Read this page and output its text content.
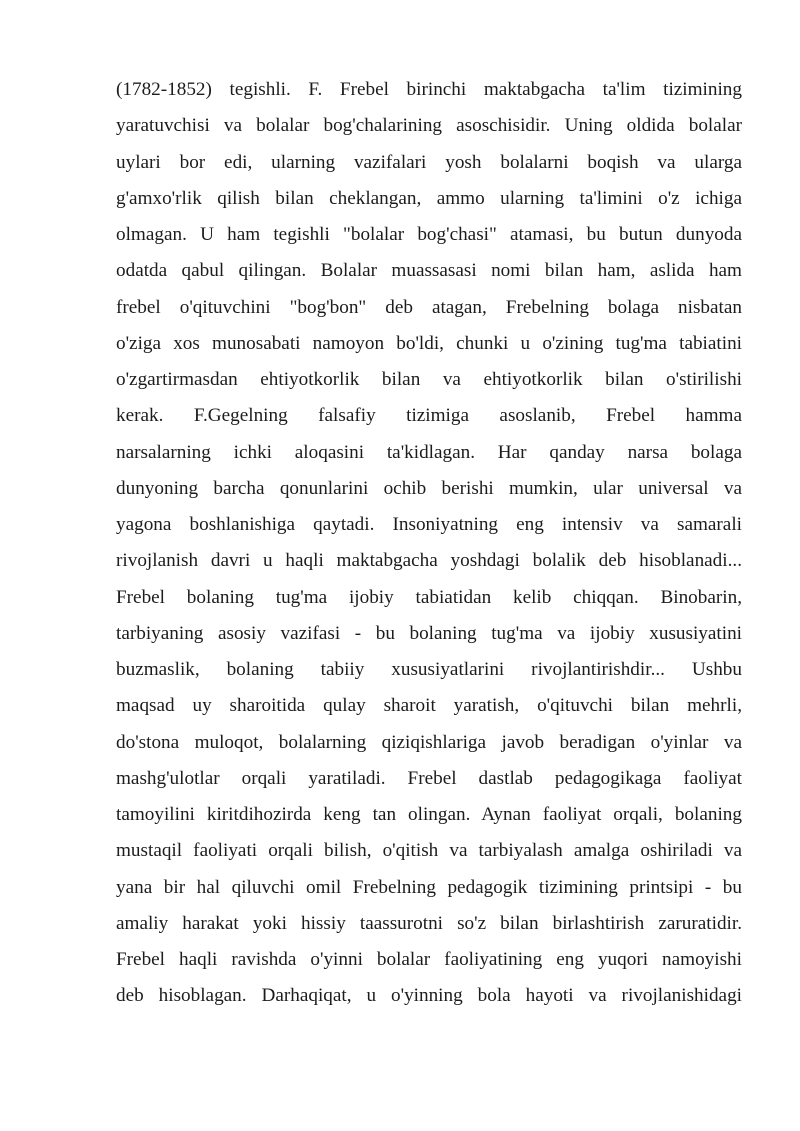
(1782-1852) tegishli. F. Frebel birinchi maktabgacha ta'lim tizimining
yaratuvchisi va bolalar bog'chalarining asoschisidir. Uning oldida bolalar
uylari bor edi, ularning vazifalari yosh bolalarni boqish va ularga
g'amxo'rlik qilish bilan cheklangan, ammo ularning ta'limini o'z ichiga
olmagan. U ham tegishli "bolalar bog'chasi" atamasi, bu butun dunyoda
odatda qabul qilingan. Bolalar muassasasi nomi bilan ham, aslida ham
frebel o'qituvchini "bog'bon" deb atagan, Frebelning bolaga nisbatan
o'ziga xos munosabati namoyon bo'ldi, chunki u o'zining tug'ma tabiatini
o'zgartirmasdan ehtiyotkorlik bilan va ehtiyotkorlik bilan o'stirilishi
kerak. F.Gegelning falsafiy tizimiga asoslanib, Frebel hamma
narsalarning ichki aloqasini ta'kidlagan. Har qanday narsa bolaga
dunyoning barcha qonunlarini ochib berishi mumkin, ular universal va
yagona boshlanishiga qaytadi. Insoniyatning eng intensiv va samarali
rivojlanish davri u haqli maktabgacha yoshdagi bolalik deb hisoblanadi...
Frebel bolaning tug'ma ijobiy tabiatidan kelib chiqqan. Binobarin,
tarbiyaning asosiy vazifasi - bu bolaning tug'ma va ijobiy xususiyatini
buzmaslik, bolaning tabiiy xususiyatlarini rivojlantirishdir... Ushbu
maqsad uy sharoitida qulay sharoit yaratish, o'qituvchi bilan mehrli,
do'stona muloqot, bolalarning qiziqishlariga javob beradigan o'yinlar va
mashg'ulotlar orqali yaratiladi. Frebel dastlab pedagogikaga faoliyat
tamoyilini kiritdihozirda keng tan olingan. Aynan faoliyat orqali, bolaning
mustaqil faoliyati orqali bilish, o'qitish va tarbiyalash amalga oshiriladi va
yana bir hal qiluvchi omil Frebelning pedagogik tizimining printsipi - bu
amaliy harakat yoki hissiy taassurotni so'z bilan birlashtirish zaruratidir.
Frebel haqli ravishda o'yinni bolalar faoliyatining eng yuqori namoyishi
deb hisoblagan. Darhaqiqat, u o'yinning bola hayoti va rivojlanishidagi
